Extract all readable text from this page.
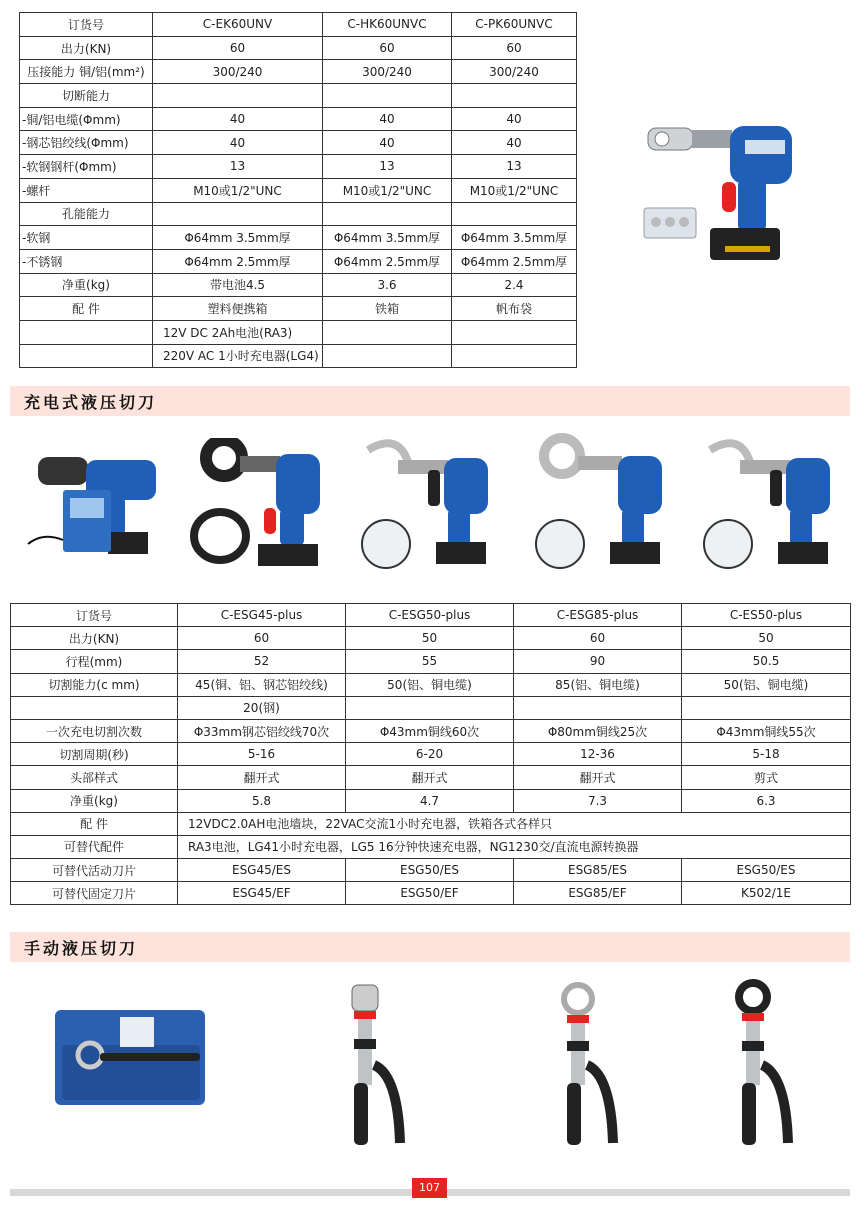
订货号	C-EK60UNV	C-HK60UNVC	C-PK60UNVC
出力(KN)	60	60	60
压接能力 铜/铝(mm²)	300/240	300/240	300/240
切断能力			
-铜/铝电缆(Φmm)	40	40	40
-钢芯铝绞线(Φmm)	40	40	40
-软钢钢杆(Φmm)	13	13	13
-螺杆	M10或1/2"UNC	M10或1/2"UNC	M10或1/2"UNC
孔能能力			
-软钢	Φ64mm 3.5mm厚	Φ64mm 3.5mm厚	Φ64mm 3.5mm厚
-不锈钢	Φ64mm 2.5mm厚	Φ64mm 2.5mm厚	Φ64mm 2.5mm厚
净重(kg)	带电池4.5	3.6	2.4
配 件	塑料便携箱	铁箱	帆布袋
	12V DC 2Ah电池(RA3)		
	220V AC 1小时充电器(LG4)		
充电式液压切刀
订货号	C-ESG45-plus	C-ESG50-plus	C-ESG85-plus	C-ES50-plus
出力(KN)	60	50	60	50
行程(mm)	52	55	90	50.5
切割能力(c mm)	45(铜、铝、钢芯铝绞线)	50(铝、铜电缆)	85(铝、铜电缆)	50(铝、铜电缆)
	20(钢)			
一次充电切割次数	Φ33mm钢芯铝绞线70次	Φ43mm铜线60次	Φ80mm铜线25次	Φ43mm铜线55次
切割周期(秒)	5-16	6-20	12-36	5-18
头部样式	翻开式	翻开式	翻开式	剪式
净重(kg)	5.8	4.7	7.3	6.3
配 件	12VDC2.0AH电池墙块，22VAC交流1小时充电器，铁箱各式各样只			
可替代配件	RA3电池，LG41小时充电器，LG5 16分钟快速充电器，NG1230交/直流电源转换器			
可替代活动刀片	ESG45/ES	ESG50/ES	ESG85/ES	ESG50/ES
可替代固定刀片	ESG45/EF	ESG50/EF	ESG85/EF	K502/1E
手动液压切刀
107
